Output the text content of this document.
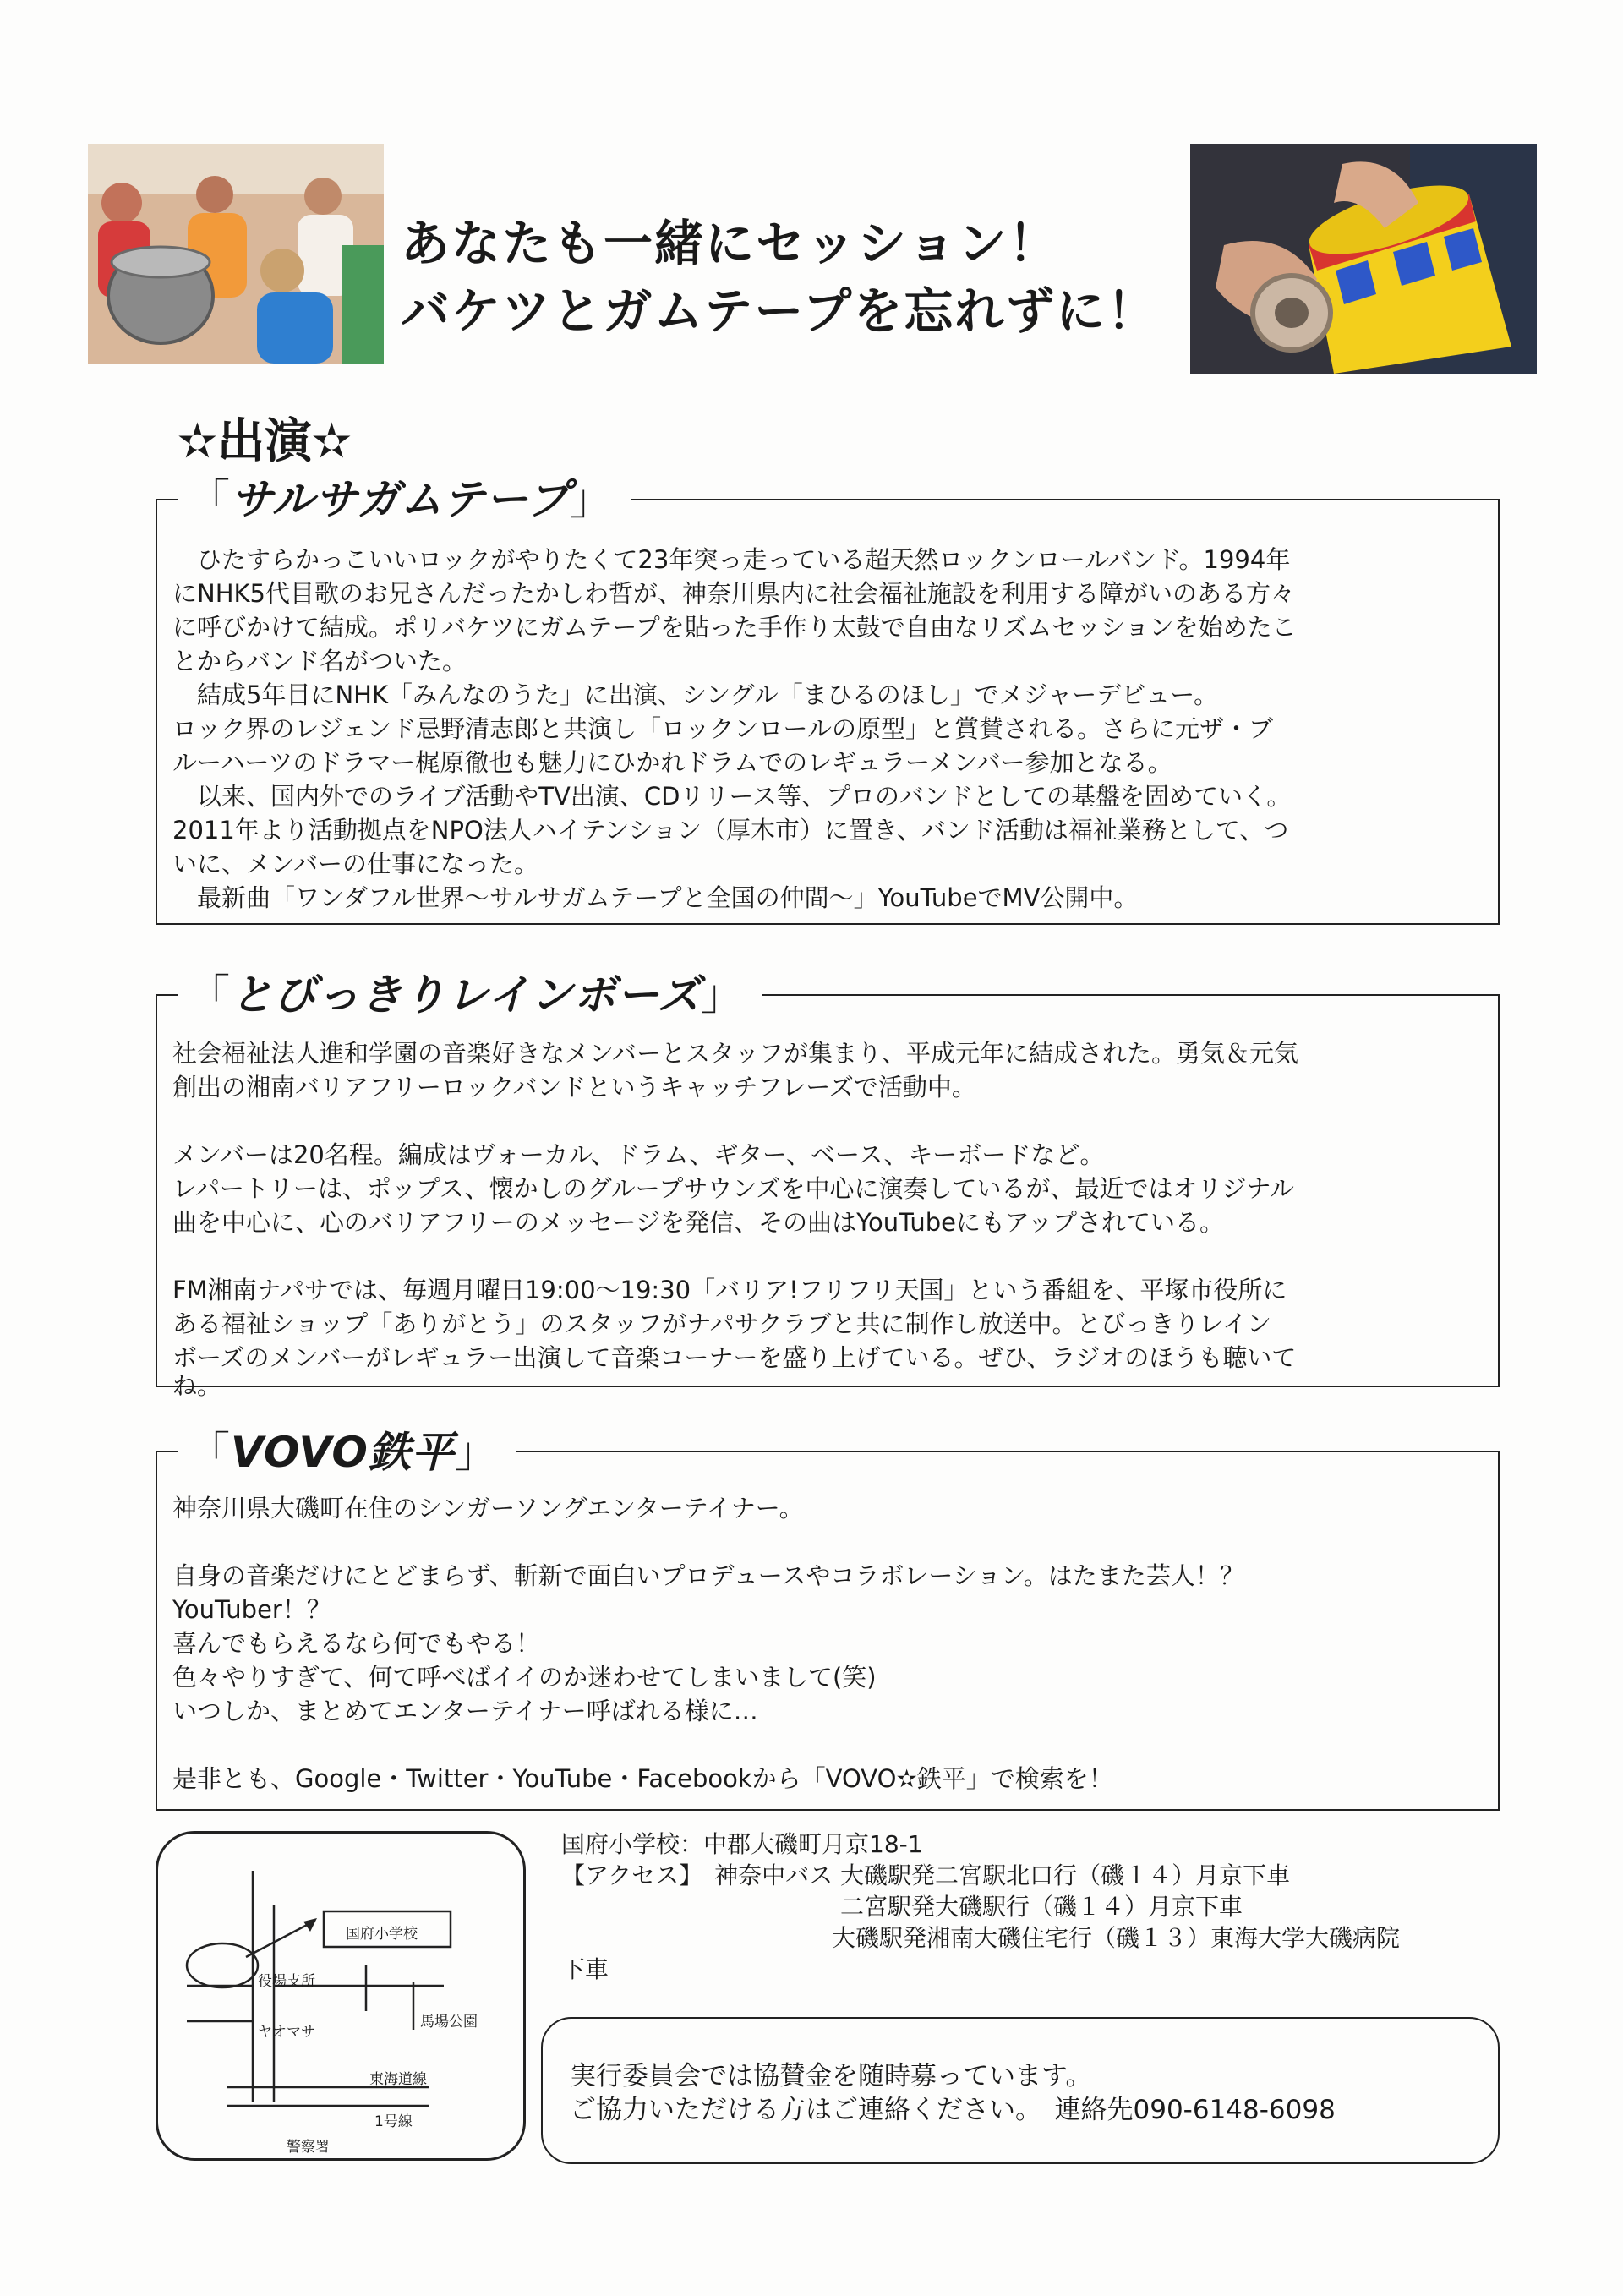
あなたも一緒にセッション！
バケツとガムテープを忘れずに！
✫出演✫
「サルサガムテープ」

　ひたすらかっこいいロックがやりたくて23年突っ走っている超天然ロックンロールバンド。1994年

にNHK5代目歌のお兄さんだったかしわ哲が、神奈川県内に社会福祉施設を利用する障がいのある方々

に呼びかけて結成。ポリバケツにガムテープを貼った手作り太鼓で自由なリズムセッションを始めたこ

とからバンド名がついた。

　結成5年目にNHK「みんなのうた」に出演、シングル「まひるのほし」でメジャーデビュー。

ロック界のレジェンド忌野清志郎と共演し「ロックンロールの原型」と賞賛される。さらに元ザ・ブ

ルーハーツのドラマー梶原徹也も魅力にひかれドラムでのレギュラーメンバー参加となる。

　以来、国内外でのライブ活動やTV出演、CDリリース等、プロのバンドとしての基盤を固めていく。

2011年より活動拠点をNPO法人ハイテンション（厚木市）に置き、バンド活動は福祉業務として、つ

いに、メンバーの仕事になった。

　最新曲「ワンダフル世界～サルサガムテープと全国の仲間～」YouTubeでMV公開中。

「とびっきりレインボーズ」

社会福祉法人進和学園の音楽好きなメンバーとスタッフが集まり、平成元年に結成された。勇気＆元気

創出の湘南バリアフリーロックバンドというキャッチフレーズで活動中。

メンバーは20名程。編成はヴォーカル、ドラム、ギター、ベース、キーボードなど。

レパートリーは、ポップス、懐かしのグループサウンズを中心に演奏しているが、最近ではオリジナル

曲を中心に、心のバリアフリーのメッセージを発信、その曲はYouTubeにもアップされている。

FM湘南ナパサでは、毎週月曜日19:00～19:30「バリア!フリフリ天国」という番組を、平塚市役所に

ある福祉ショップ「ありがとう」のスタッフがナパサクラブと共に制作し放送中。とびっきりレイン

ボーズのメンバーがレギュラー出演して音楽コーナーを盛り上げている。ぜひ、ラジオのほうも聴いて

ね。

「VOVO鉄平」

神奈川県大磯町在住のシンガーソングエンターテイナー。

自身の音楽だけにとどまらず、斬新で面白いプロデュースやコラボレーション。はたまた芸人！？

YouTuber！？

喜んでもらえるなら何でもやる！

色々やりすぎて、何て呼べばイイのか迷わせてしまいまして(笑)

いつしか、まとめてエンターテイナー呼ばれる様に…

是非とも、Google・Twitter・YouTube・Facebookから「VOVO✫鉄平」で検索を！

国府小学校
役場支所
ヤオマサ
馬場公園
東海道線
1号線
警察署

国府小学校：中郡大磯町月京18-1

【アクセス】　神奈中バス 大磯駅発二宮駅北口行（磯１４）月京下車

二宮駅発大磯駅行（磯１４）月京下車

大磯駅発湘南大磯住宅行（磯１３）東海大学大磯病院

下車

実行委員会では協賛金を随時募っています。

ご協力いただける方はご連絡ください。　連絡先090-6148-6098
